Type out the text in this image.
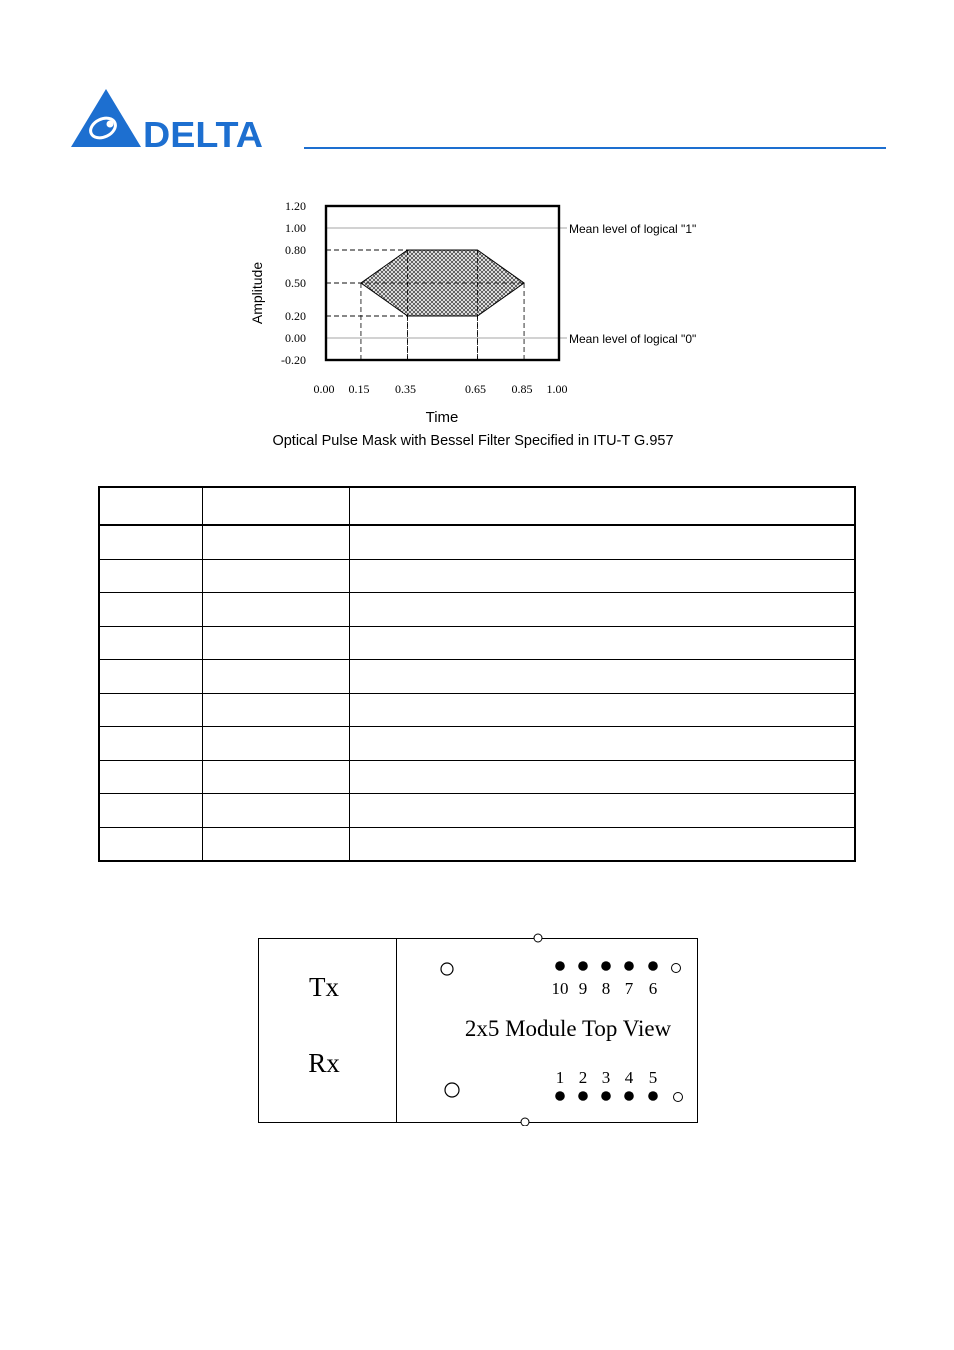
DELTA
1.20
1.00
0.80
0.50
0.20
0.00
-0.20
0.00 0.15 0.35	0.65 0.85 1.00
Mean level of logical "1"
Mean level of logical "0"
Amplitude
Time
Optical Pulse Mask with Bessel Filter Specified in ITU-T G.957

Tx
Rx
2x5 Module Top View
10 9 8 7 6
1 2 3 4 5
